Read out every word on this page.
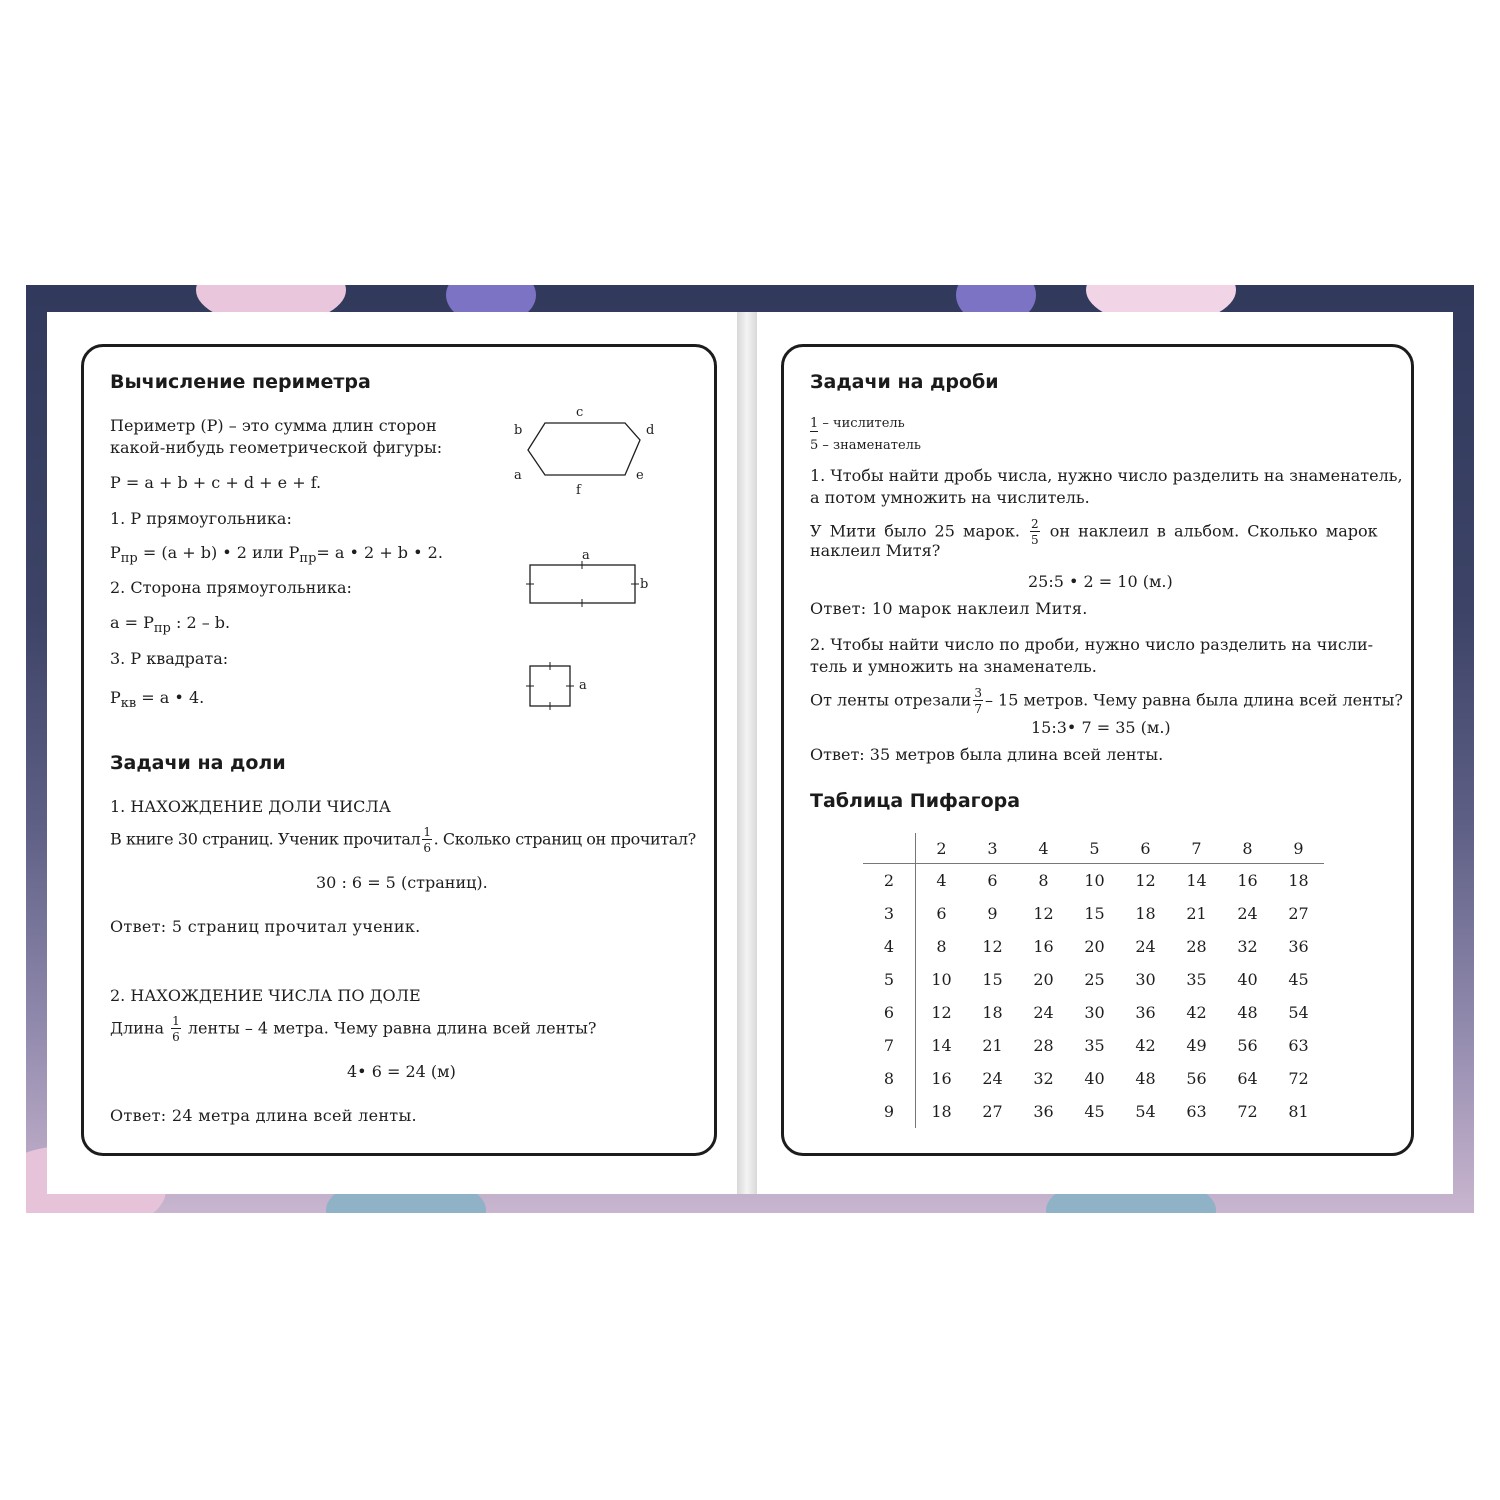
Вычисление периметра
Периметр (Р) – это сумма длин сторон
какой-нибудь геометрической фигуры:
P = a + b + c + d + e + f.
1. Р прямоугольника:
$P_{пр} = (a + b)$ • 2 или $P_{пр}= a$ • 2 + b • 2.
2. Сторона прямоугольника:
$a = P_{пр}$ : 2 – b.
3. Р квадрата:
$P_{кв} = a$ • 4.
c
b	d
a	e
f
a
b
a
Задачи на доли
1. НАХОЖДЕНИЕ ДОЛИ ЧИСЛА
В книге 30 страниц. Ученик прочитал $\frac{1}{6}$ . Сколько страниц он прочитал?
30 : 6 = 5 (страниц).
Ответ: 5 страниц прочитал ученик.
2. НАХОЖДЕНИЕ ЧИСЛА ПО ДОЛЕ
Длина $\frac{1}{6}$ ленты – 4 метра. Чему равна длина всей ленты?
4• 6 = 24 (м)
Ответ: 24 метра длина всей ленты.
Задачи на дроби
1 – числитель
5 – знаменатель
1. Чтобы найти дробь числа, нужно число разделить на знаменатель,
а потом умножить на числитель.
У Мити было 25 марок. $\frac{2}{5}$ он наклеил в альбом. Сколько марок
наклеил Митя?
25:5 • 2 = 10 (м.)
Ответ: 10 марок наклеил Митя.
2. Чтобы найти число по дроби, нужно число разделить на числи-
тель и умножить на знаменатель.
От ленты отрезали $\frac{3}{7} - 15$ метров. Чему равна была длина всей ленты?
15:3• 7 = 35 (м.)
Ответ: 35 метров была длина всей ленты.
Таблица Пифагора
	2	3	4	5	6	7	8	9
2	4	6	8	10	12	14	16	18
3	6	9	12	15	18	21	24	27
4	8	12	16	20	24	28	32	36
5	10	15	20	25	30	35	40	45
6	12	18	24	30	36	42	48	54
7	14	21	28	35	42	49	56	63
8	16	24	32	40	48	56	64	72
9	18	27	36	45	54	63	72	81
